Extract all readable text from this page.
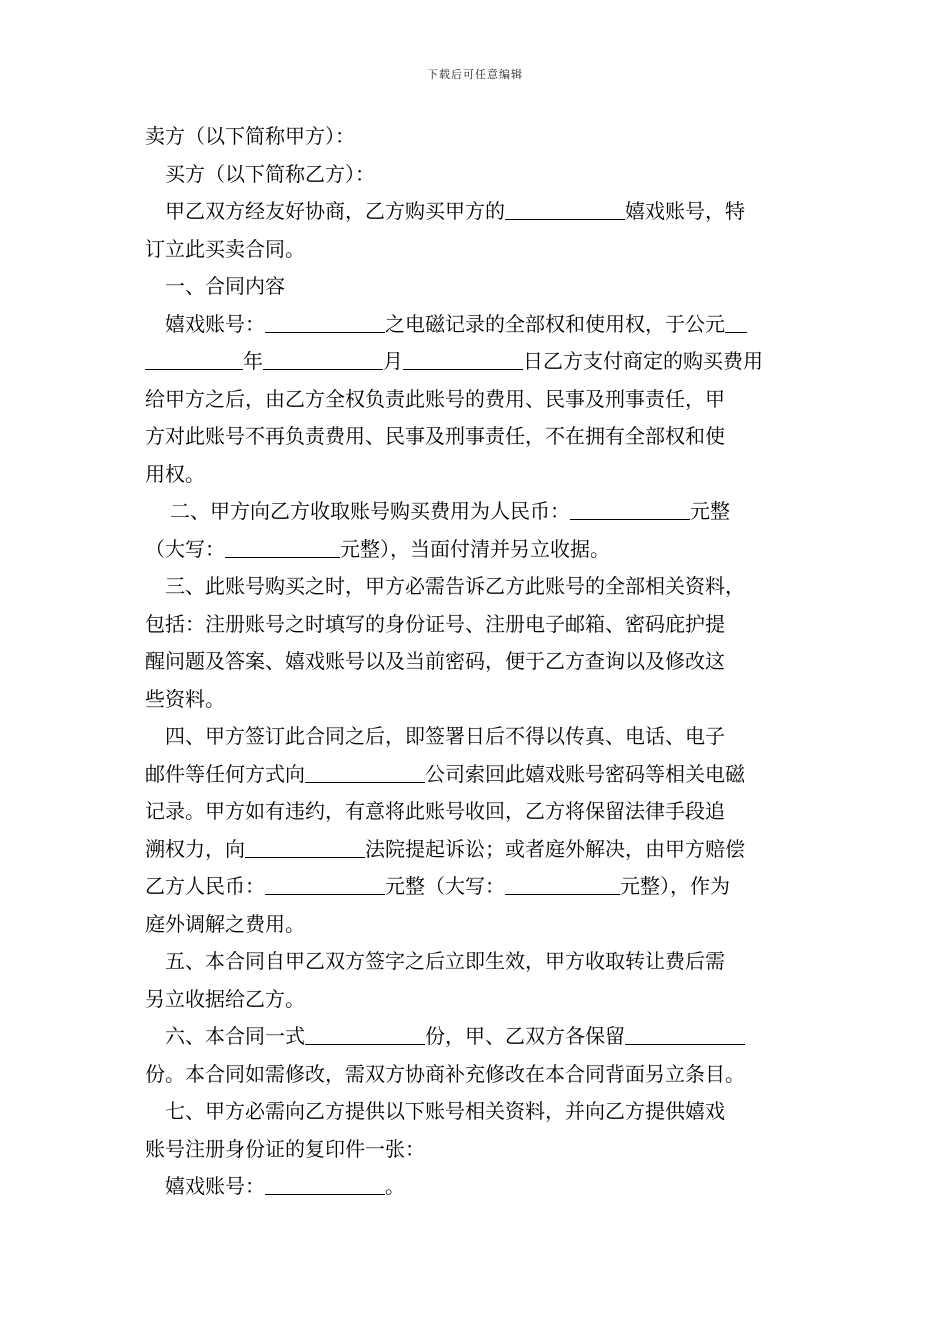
下载后可任意编辑
卖方（以下简称甲方）：
买方（以下简称乙方）：
甲乙双方经友好协商，乙方购买甲方的	嬉戏账号，特
订立此买卖合同。
一、合同内容
嬉戏账号：	之电磁记录的全部权和使用权，于公元
年	月	日乙方支付商定的购买费用
给甲方之后，由乙方全权负责此账号的费用、民事及刑事责任，甲
方对此账号不再负责费用、民事及刑事责任，不在拥有全部权和使
用权。
二、甲方向乙方收取账号购买费用为人民币：	元整
（大写：	元整），当面付清并另立收据。
三、此账号购买之时，甲方必需告诉乙方此账号的全部相关资料，
包括：注册账号之时填写的身份证号、注册电子邮箱、密码庇护提
醒问题及答案、嬉戏账号以及当前密码，便于乙方查询以及修改这
些资料。
四、甲方签订此合同之后，即签署日后不得以传真、电话、电子
邮件等任何方式向	公司索回此嬉戏账号密码等相关电磁
记录。甲方如有违约，有意将此账号收回，乙方将保留法律手段追
溯权力，向	法院提起诉讼；或者庭外解决，由甲方赔偿
乙方人民币：	元整（大写：	元整），作为
庭外调解之费用。
五、本合同自甲乙双方签字之后立即生效，甲方收取转让费后需
另立收据给乙方。
六、本合同一式	份，甲、乙双方各保留
份。本合同如需修改，需双方协商补充修改在本合同背面另立条目。
七、甲方必需向乙方提供以下账号相关资料，并向乙方提供嬉戏
账号注册身份证的复印件一张：
嬉戏账号：	。
